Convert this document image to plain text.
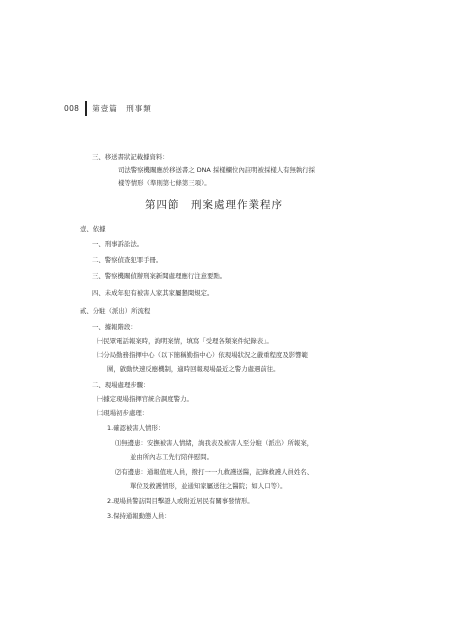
008 第壹篇　刑事類
三、移送書狀記載據資料：
司法警察機關應於移送書之 DNA 採樣欄位內註明被採樣人有無執行採
樣等情形（準則第七條第三項）。
第四節　刑案處理作業程序
壹、依據
一、刑事訴訟法。
二、警察偵查犯罪手冊。
三、警察機關偵辦刑案新聞處理應行注意要點。
四、未成年犯有被害人家其家屬懇聞規定。
貳、分駐（派出）所流程
一、據報階段：
㈠民眾電話報案時，詢明案情，填寫「受理各類案件紀錄表」。
㈡分局勤務指揮中心（以下簡稱勤指中心）依現場狀況之嚴重程度及影響範
圍，啟動快速反應機制，適時回報現場最近之警力處遇前往。
二、現場處理步驟：
㈠據定現場指揮官統合調度警力。
㈡現場初步處理：
1.確認被害人情形：
⑴無邊患：安撫被害人情緒，詢我表及被害人至分駐（派出）所報案，
並由所內志工先行陪伴慰問。
⑵有邊患：通報值班人員，撥打一一九救護送醫，記錄救護人員姓名、
單位及救護情形，並通知家屬送往之醫院；如人口等）。
2.現場員警訪問目擊證人或附近居民有關事發情形。
3.保持通報動態人員：
